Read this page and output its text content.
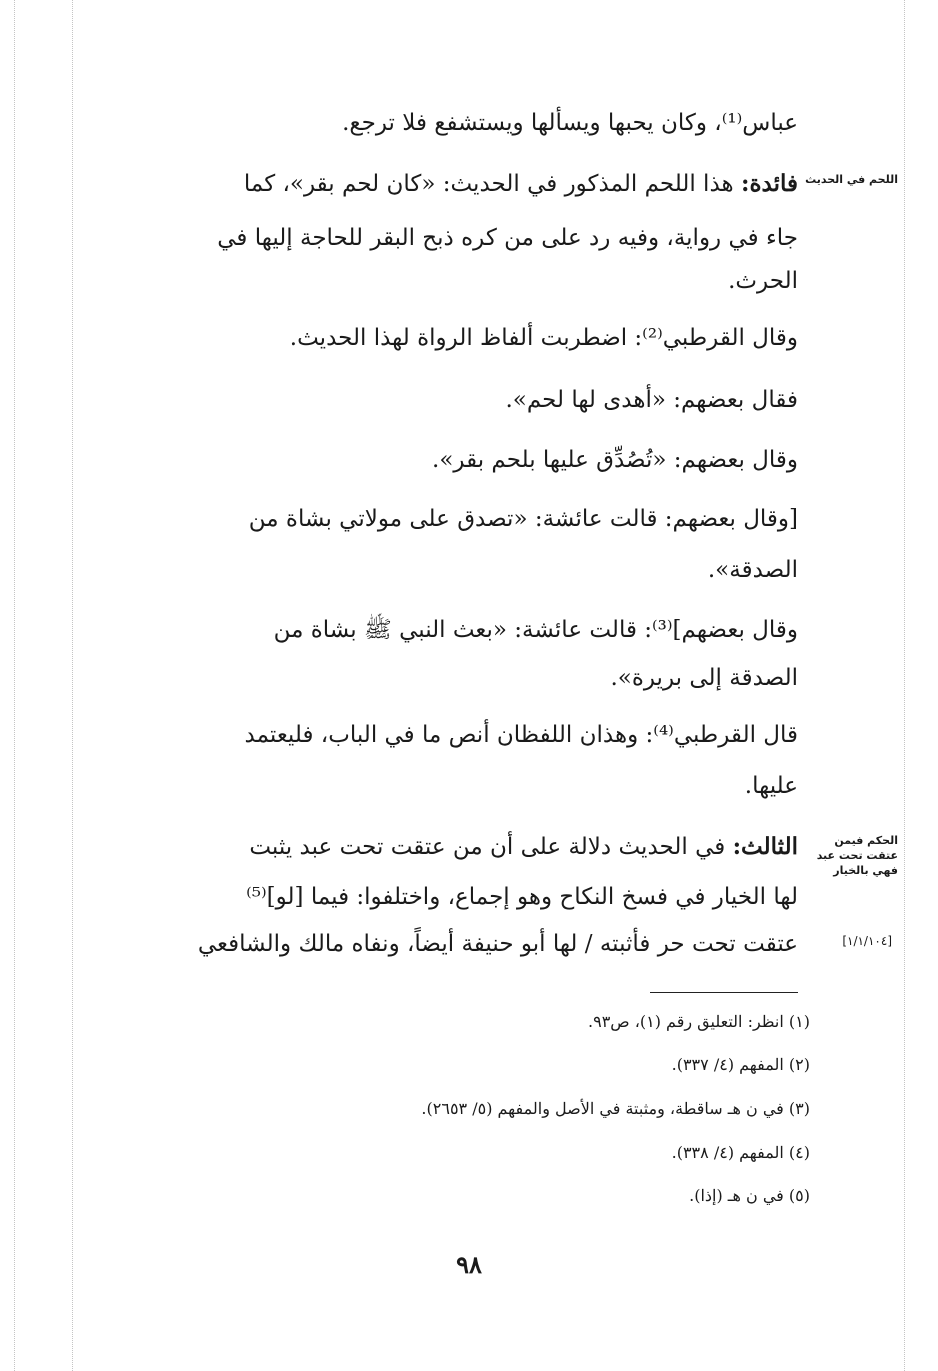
اللحم في الحديث
الحكم فيمن عتقت تحت عبد فهي بالخيار
[١/١/١٠٤]
عباس⁽¹⁾، وكان يحبها ويسألها ويستشفع فلا ترجع.
فائدة: هذا اللحم المذكور في الحديث: «كان لحم بقر»، كما
جاء في رواية، وفيه رد على من كره ذبح البقر للحاجة إليها في
الحرث.
وقال القرطبي⁽²⁾: اضطربت ألفاظ الرواة لهذا الحديث.
فقال بعضهم: «أهدى لها لحم».
وقال بعضهم: «تُصُدِّق عليها بلحم بقر».
[وقال بعضهم: قالت عائشة: «تصدق على مولاتي بشاة من
الصدقة».
وقال بعضهم]⁽³⁾: قالت عائشة: «بعث النبي ﷺ بشاة من
الصدقة إلى بريرة».
قال القرطبي⁽⁴⁾: وهذان اللفظان أنص ما في الباب، فليعتمد
عليها.
الثالث: في الحديث دلالة على أن من عتقت تحت عبد يثبت
لها الخيار في فسخ النكاح وهو إجماع، واختلفوا: فيما [لو]⁽⁵⁾
عتقت تحت حر فأثبته / لها أبو حنيفة أيضاً، ونفاه مالك والشافعي
(١) انظر: التعليق رقم (١)، ص٩٣.
(٢) المفهم (٤/ ٣٣٧).
(٣) في ن هـ ساقطة، ومثبتة في الأصل والمفهم (٥/ ٢٦٥٣).
(٤) المفهم (٤/ ٣٣٨).
(٥) في ن هـ (إذا).
٩٨
